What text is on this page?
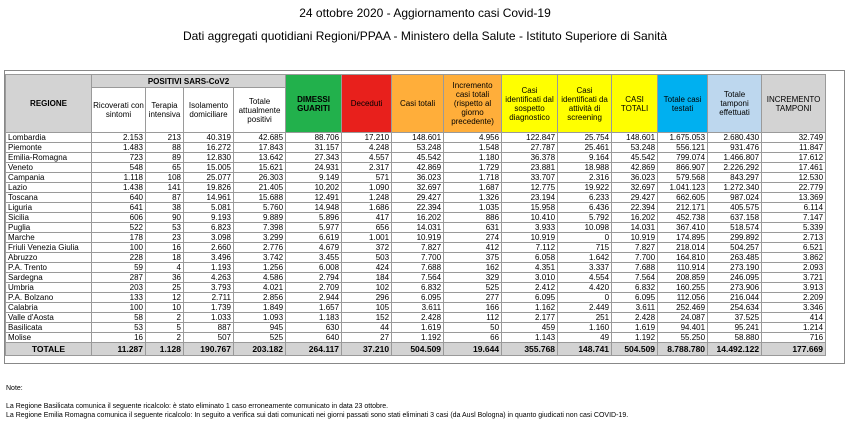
24 ottobre 2020 - Aggiornamento casi Covid-19
Dati aggregati quotidiani Regioni/PPAA - Ministero della Salute - Istituto Superiore di Sanità
REGIONE	POSITIVI SARS-CoV2				DIMESSI GUARITI	Deceduti	Casi totali	Incremento casi totali (rispetto al giorno precedente)	Casi identificati dal sospetto diagnostico	Casi identificati da attività di screening	CASI TOTALI	Totale casi testati	Totale tamponi effettuati	INCREMENTO TAMPONI
	Ricoverati con sintomi	Terapia intensiva	Isolamento domiciliare	Totale attualmente positivi										
Lombardia	2.153	213	40.319	42.685	88.706	17.210	148.601	4.956	122.847	25.754	148.601	1.675.053	2.680.430	32.749
Piemonte	1.483	88	16.272	17.843	31.157	4.248	53.248	1.548	27.787	25.461	53.248	556.121	931.476	11.847
Emilia-Romagna	723	89	12.830	13.642	27.343	4.557	45.542	1.180	36.378	9.164	45.542	799.074	1.466.807	17.612
Veneto	548	65	15.005	15.621	24.931	2.317	42.869	1.729	23.881	18.988	42.869	866.907	2.226.292	17.461
Campania	1.118	108	25.077	26.303	9.149	571	36.023	1.718	33.707	2.316	36.023	579.568	843.297	12.530
Lazio	1.438	141	19.826	21.405	10.202	1.090	32.697	1.687	12.775	19.922	32.697	1.041.123	1.272.340	22.779
Toscana	640	87	14.961	15.688	12.491	1.248	29.427	1.326	23.194	6.233	29.427	662.605	987.024	13.369
Liguria	641	38	5.081	5.760	14.948	1.686	22.394	1.035	15.958	6.436	22.394	212.171	405.575	6.114
Sicilia	606	90	9.193	9.889	5.896	417	16.202	886	10.410	5.792	16.202	452.738	637.158	7.147
Puglia	522	53	6.823	7.398	5.977	656	14.031	631	3.933	10.098	14.031	367.410	518.574	5.339
Marche	178	23	3.098	3.299	6.619	1.001	10.919	274	10.919	0	10.919	174.895	299.892	2.713
Friuli Venezia Giulia	100	16	2.660	2.776	4.679	372	7.827	412	7.112	715	7.827	218.014	504.257	6.521
Abruzzo	228	18	3.496	3.742	3.455	503	7.700	375	6.058	1.642	7.700	164.810	263.485	3.862
P.A. Trento	59	4	1.193	1.256	6.008	424	7.688	162	4.351	3.337	7.688	110.914	273.190	2.093
Sardegna	287	36	4.263	4.586	2.794	184	7.564	329	3.010	4.554	7.564	208.859	246.095	3.721
Umbria	203	25	3.793	4.021	2.709	102	6.832	525	2.412	4.420	6.832	160.255	273.906	3.913
P.A. Bolzano	133	12	2.711	2.856	2.944	296	6.095	277	6.095	0	6.095	112.056	216.044	2.209
Calabria	100	10	1.739	1.849	1.657	105	3.611	166	1.162	2.449	3.611	252.469	254.634	3.346
Valle d'Aosta	58	2	1.033	1.093	1.183	152	2.428	112	2.177	251	2.428	24.087	37.525	414
Basilicata	53	5	887	945	630	44	1.619	50	459	1.160	1.619	94.401	95.241	1.214
Molise	16	2	507	525	640	27	1.192	66	1.143	49	1.192	55.250	58.880	716
TOTALE	11.287	1.128	190.767	203.182	264.117	37.210	504.509	19.644	355.768	148.741	504.509	8.788.780	14.492.122	177.669
Note:
La Regione Basilicata comunica il seguente ricalcolo: è stato eliminato 1 caso erroneamente comunicato in data 23 ottobre.
La Regione Emilia Romagna comunica il seguente ricalcolo: In seguito a verifica sui dati comunicati nei giorni passati sono stati eliminati 3 casi (da Ausl Bologna) in quanto giudicati non casi COVID-19.
